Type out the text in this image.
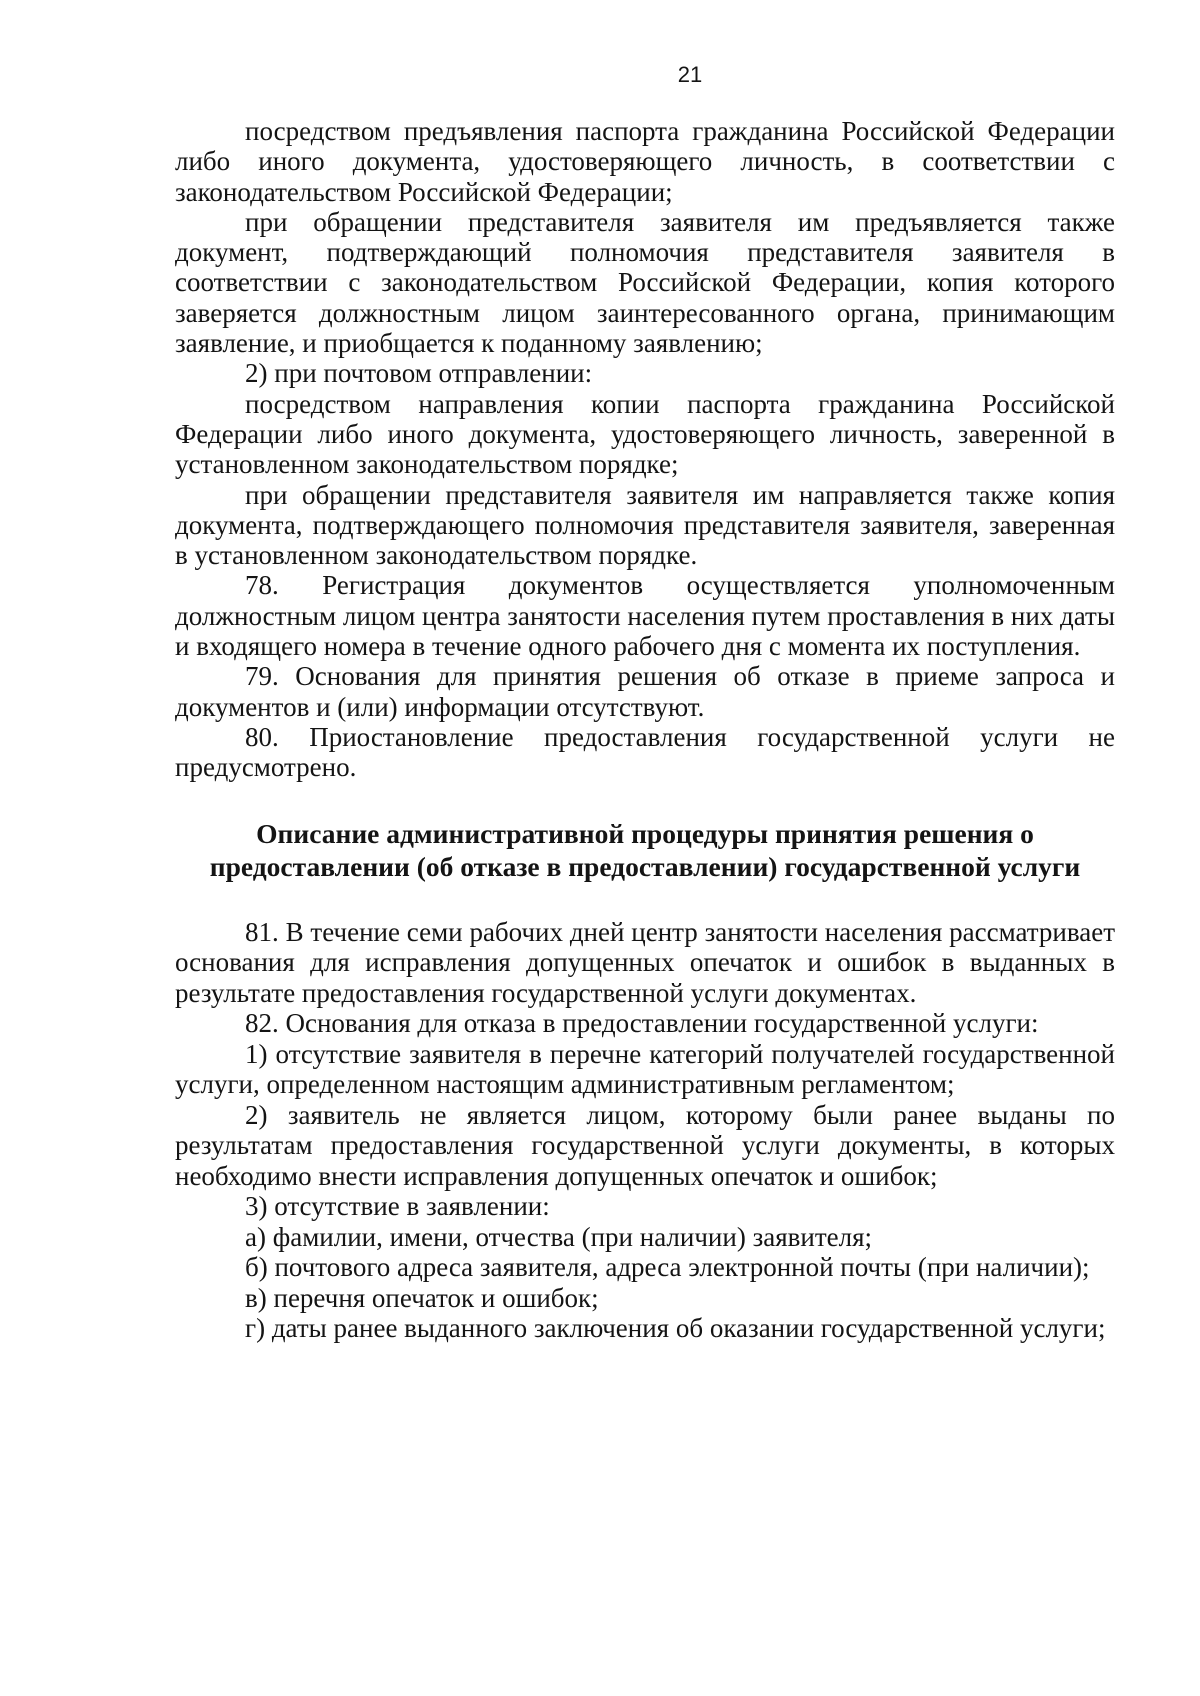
21

посредством предъявления паспорта гражданина Российской Федерации либо иного документа, удостоверяющего личность, в соответствии с законодательством Российской Федерации;

при обращении представителя заявителя им предъявляется также документ, подтверждающий полномочия представителя заявителя в соответствии с законодательством Российской Федерации, копия которого заверяется должностным лицом заинтересованного органа, принимающим заявление, и приобщается к поданному заявлению;

2) при почтовом отправлении:

посредством направления копии паспорта гражданина Российской Федерации либо иного документа, удостоверяющего личность, заверенной в установленном законодательством порядке;

при обращении представителя заявителя им направляется также копия документа, подтверждающего полномочия представителя заявителя, заверенная в установленном законодательством порядке.

78. Регистрация документов осуществляется уполномоченным должностным лицом центра занятости населения путем проставления в них даты и входящего номера в течение одного рабочего дня с момента их поступления.

79. Основания для принятия решения об отказе в приеме запроса и документов и (или) информации отсутствуют.

80. Приостановление предоставления государственной услуги не предусмотрено.

Описание административной процедуры принятия решения о

предоставлении (об отказе в предоставлении) государственной услуги

81. В течение семи рабочих дней центр занятости населения рассматривает основания для исправления допущенных опечаток и ошибок в выданных в результате предоставления государственной услуги документах.

82. Основания для отказа в предоставлении государственной услуги:

1) отсутствие заявителя в перечне категорий получателей государственной услуги, определенном настоящим административным регламентом;

2) заявитель не является лицом, которому были ранее выданы по результатам предоставления государственной услуги документы, в которых необходимо внести исправления допущенных опечаток и ошибок;

3) отсутствие в заявлении:

а) фамилии, имени, отчества (при наличии) заявителя;

б) почтового адреса заявителя, адреса электронной почты (при наличии);

в) перечня опечаток и ошибок;

г) даты ранее выданного заключения об оказании государственной услуги;
